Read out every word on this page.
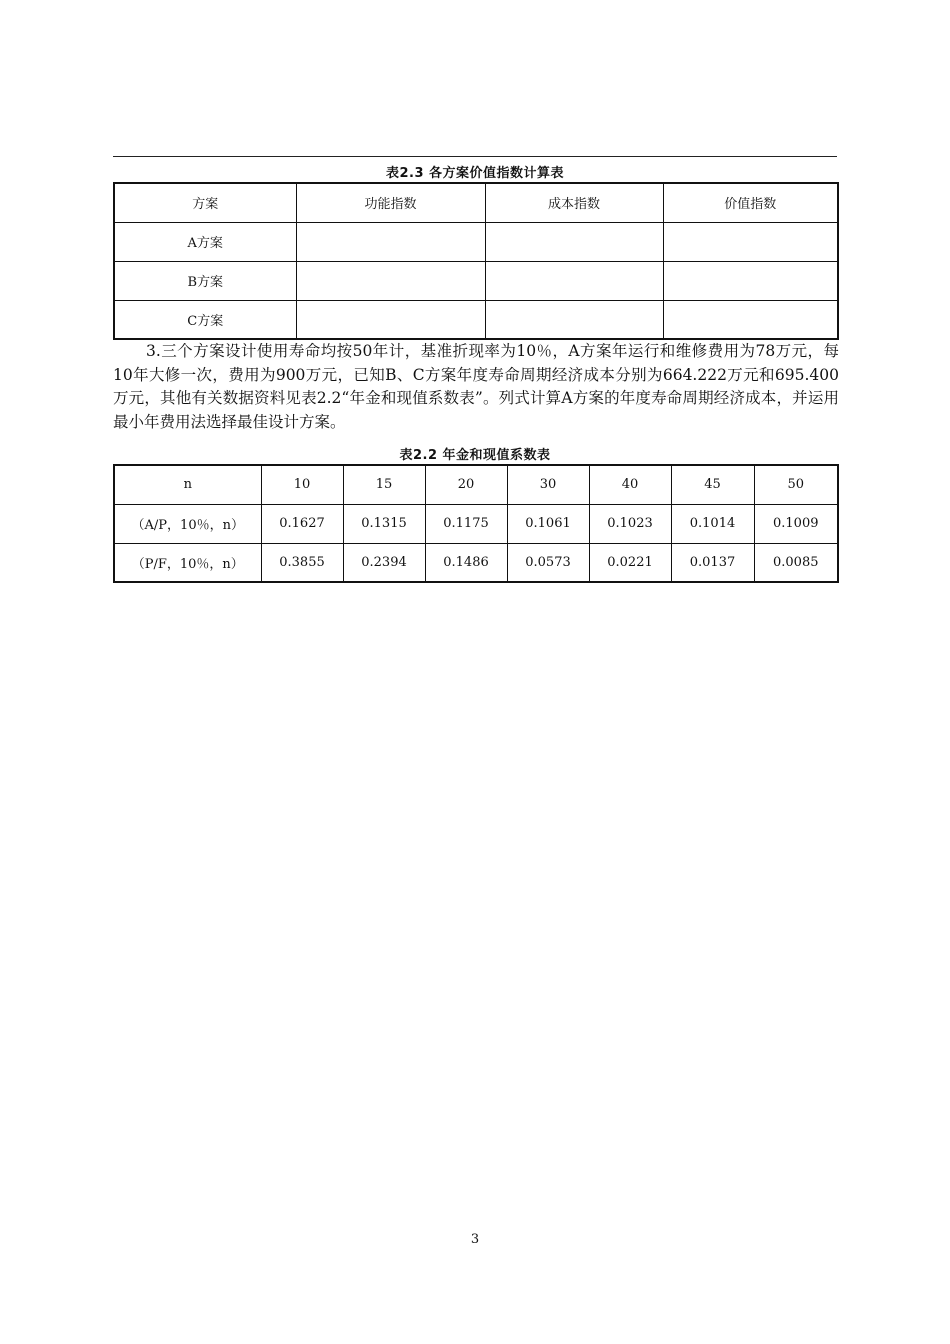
表2.3 各方案价值指数计算表
方案	功能指数	成本指数	价值指数
A方案			
B方案			
C方案			
3.三个方案设计使用寿命均按50年计，基准折现率为10％，A方案年运行和维修费用为78万元，每10年大修一次，费用为900万元，已知B、C方案年度寿命周期经济成本分别为664.222万元和695.400万元，其他有关数据资料见表2.2“年金和现值系数表”。列式计算A方案的年度寿命周期经济成本，并运用最小年费用法选择最佳设计方案。
表2.2 年金和现值系数表
n	10	15	20	30	40	45	50
（A/P，10％，n）	0.1627	0.1315	0.1175	0.1061	0.1023	0.1014	0.1009
（P/F，10％，n）	0.3855	0.2394	0.1486	0.0573	0.0221	0.0137	0.0085
3
